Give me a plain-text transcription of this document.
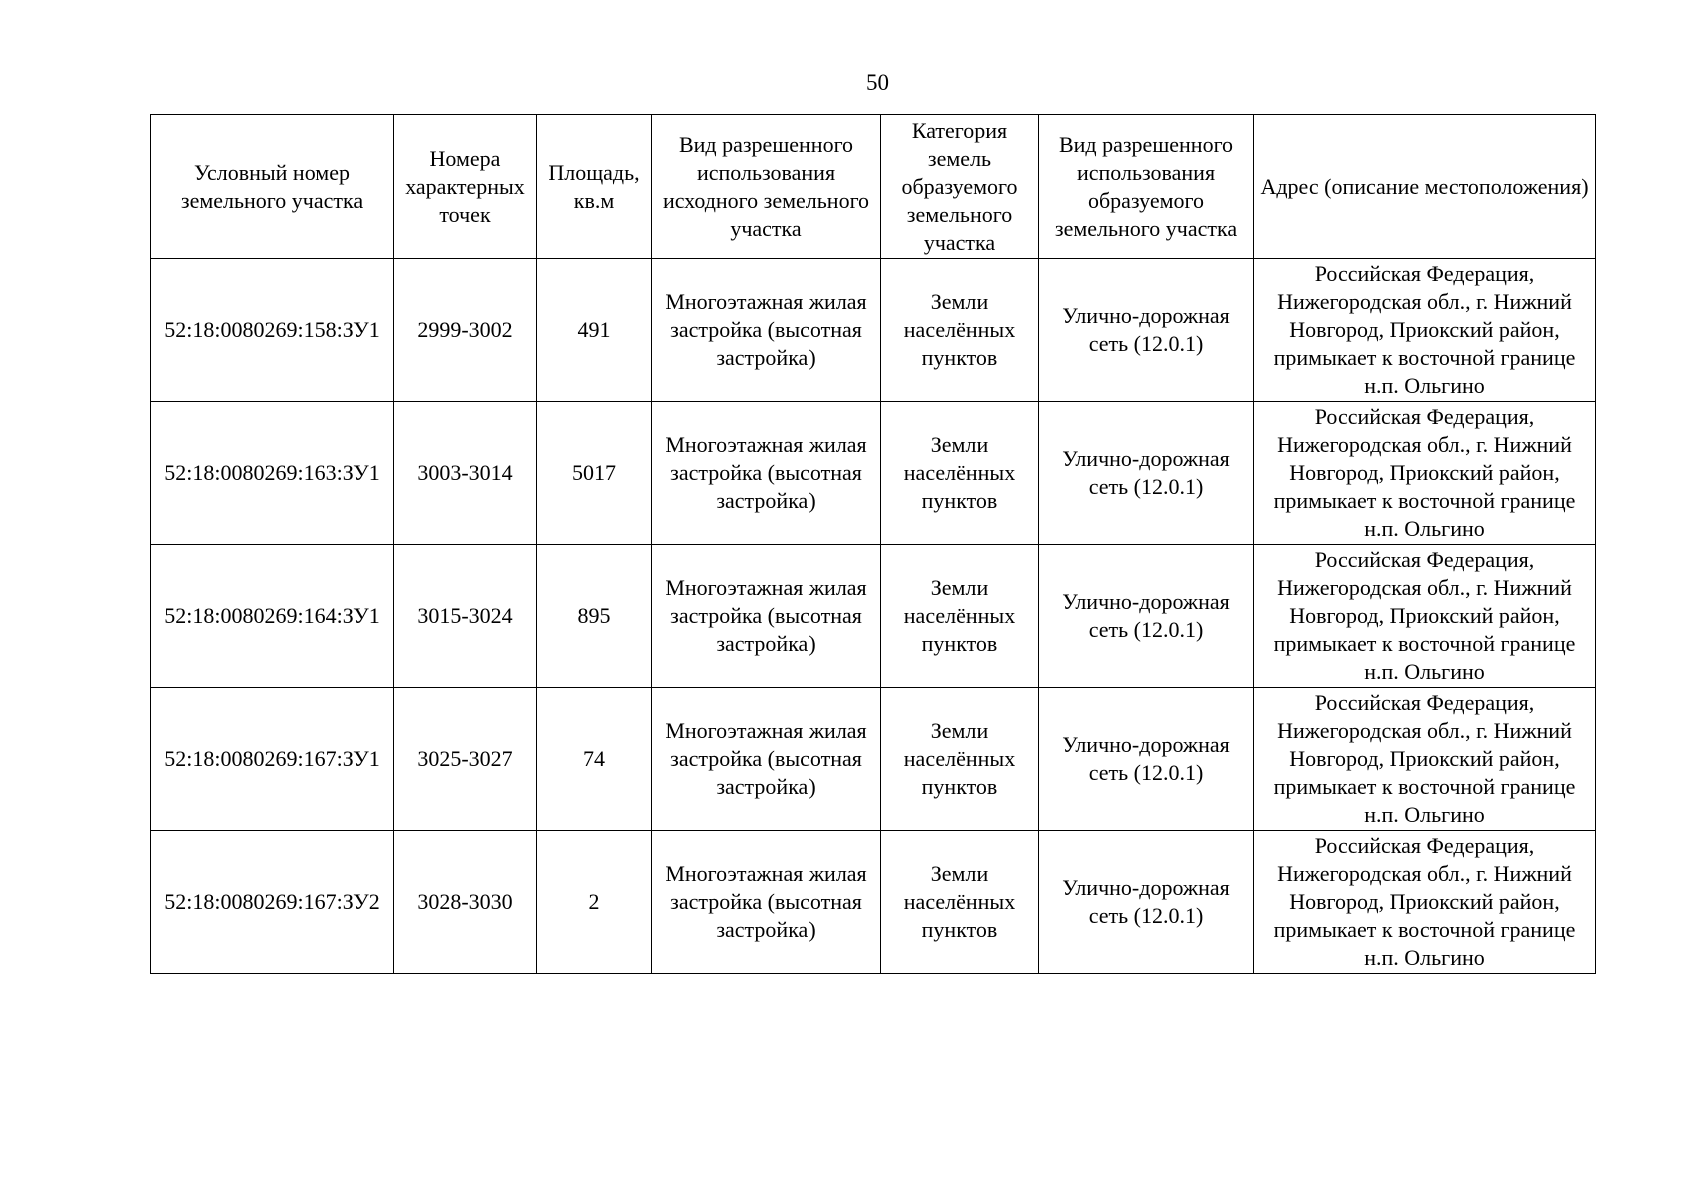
50
Условный номер земельного участка	Номера характерных точек	Площадь, кв.м	Вид разрешенного использования исходного земельного участка	Категория земель образуемого земельного участка	Вид разрешенного использования образуемого земельного участка	Адрес (описание местоположения)
52:18:0080269:158:ЗУ1	2999-3002	491	Многоэтажная жилая застройка (высотная застройка)	Земли населённых пунктов	Улично-дорожная сеть (12.0.1)	Российская Федерация, Нижегородская обл., г. Нижний Новгород, Приокский район, примыкает к восточной границе н.п. Ольгино
52:18:0080269:163:ЗУ1	3003-3014	5017	Многоэтажная жилая застройка (высотная застройка)	Земли населённых пунктов	Улично-дорожная сеть (12.0.1)	Российская Федерация, Нижегородская обл., г. Нижний Новгород, Приокский район, примыкает к восточной границе н.п. Ольгино
52:18:0080269:164:ЗУ1	3015-3024	895	Многоэтажная жилая застройка (высотная застройка)	Земли населённых пунктов	Улично-дорожная сеть (12.0.1)	Российская Федерация, Нижегородская обл., г. Нижний Новгород, Приокский район, примыкает к восточной границе н.п. Ольгино
52:18:0080269:167:ЗУ1	3025-3027	74	Многоэтажная жилая застройка (высотная застройка)	Земли населённых пунктов	Улично-дорожная сеть (12.0.1)	Российская Федерация, Нижегородская обл., г. Нижний Новгород, Приокский район, примыкает к восточной границе н.п. Ольгино
52:18:0080269:167:ЗУ2	3028-3030	2	Многоэтажная жилая застройка (высотная застройка)	Земли населённых пунктов	Улично-дорожная сеть (12.0.1)	Российская Федерация, Нижегородская обл., г. Нижний Новгород, Приокский район, примыкает к восточной границе н.п. Ольгино
